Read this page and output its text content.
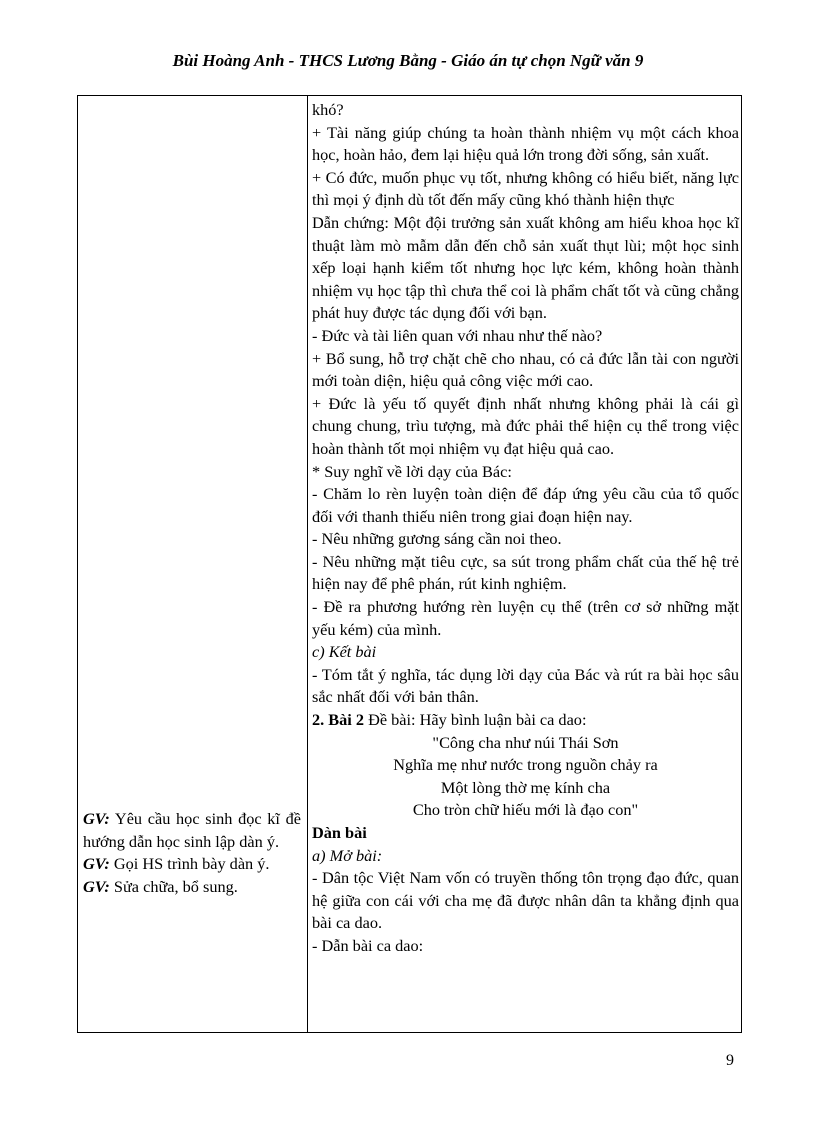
Bùi Hoàng Anh - THCS Lương Bằng - Giáo án tự chọn Ngữ văn 9

GV: Yêu cầu học sinh đọc kĩ đề hướng dẫn học sinh lập dàn ý.

GV: Gọi HS trình bày dàn ý.

GV: Sửa chữa, bổ sung.

khó?

+ Tài năng giúp chúng ta hoàn thành nhiệm vụ một cách khoa học, hoàn hảo, đem lại hiệu quả lớn trong đời sống, sản xuất.

+ Có đức, muốn phục vụ tốt, nhưng không có hiểu biết, năng lực thì mọi ý định dù tốt đến mấy cũng khó thành hiện thực

Dẫn chứng: Một đội trưởng sản xuất không am hiểu khoa học kĩ thuật làm mò mẫm dẫn đến chỗ sản xuất thụt lùi; một học sinh xếp loại hạnh kiểm tốt nhưng học lực kém, không hoàn thành nhiệm vụ học tập thì chưa thể coi là phẩm chất tốt và cũng chẳng phát huy được tác dụng đối với bạn.

- Đức và tài liên quan với nhau như thế nào?

+ Bổ sung, hỗ trợ chặt chẽ cho nhau, có cả đức lẫn tài con người mới toàn diện, hiệu quả công việc mới cao.

+ Đức là yếu tố quyết định nhất nhưng không phải là cái gì chung chung, trìu tượng, mà đức phải thể hiện cụ thể trong việc hoàn thành tốt mọi nhiệm vụ đạt hiệu quả cao.

* Suy nghĩ về lời dạy của Bác:

- Chăm lo rèn luyện toàn diện để đáp ứng yêu cầu của tổ quốc đối với thanh thiếu niên trong giai đoạn hiện nay.

- Nêu những gương sáng cần noi theo.

- Nêu những mặt tiêu cực, sa sút trong phẩm chất của thế hệ trẻ hiện nay để phê phán, rút kinh nghiệm.

- Đề ra phương hướng rèn luyện cụ thể (trên cơ sở những mặt yếu kém) của mình.

c) Kết bài

- Tóm tắt ý nghĩa, tác dụng lời dạy của Bác và rút ra bài học sâu sắc nhất đối với bản thân.

2. Bài 2 Đề bài: Hãy bình luận bài ca dao:

"Công cha như núi Thái Sơn

Nghĩa mẹ như nước trong nguồn chảy ra

Một lòng thờ mẹ kính cha

Cho tròn chữ hiếu mới là đạo con"

Dàn bài

a) Mở bài:

- Dân tộc Việt Nam vốn có truyền thống tôn trọng đạo đức, quan hệ giữa con cái với cha mẹ đã được nhân dân ta khẳng định qua bài ca dao.

- Dẫn bài ca dao:

9
